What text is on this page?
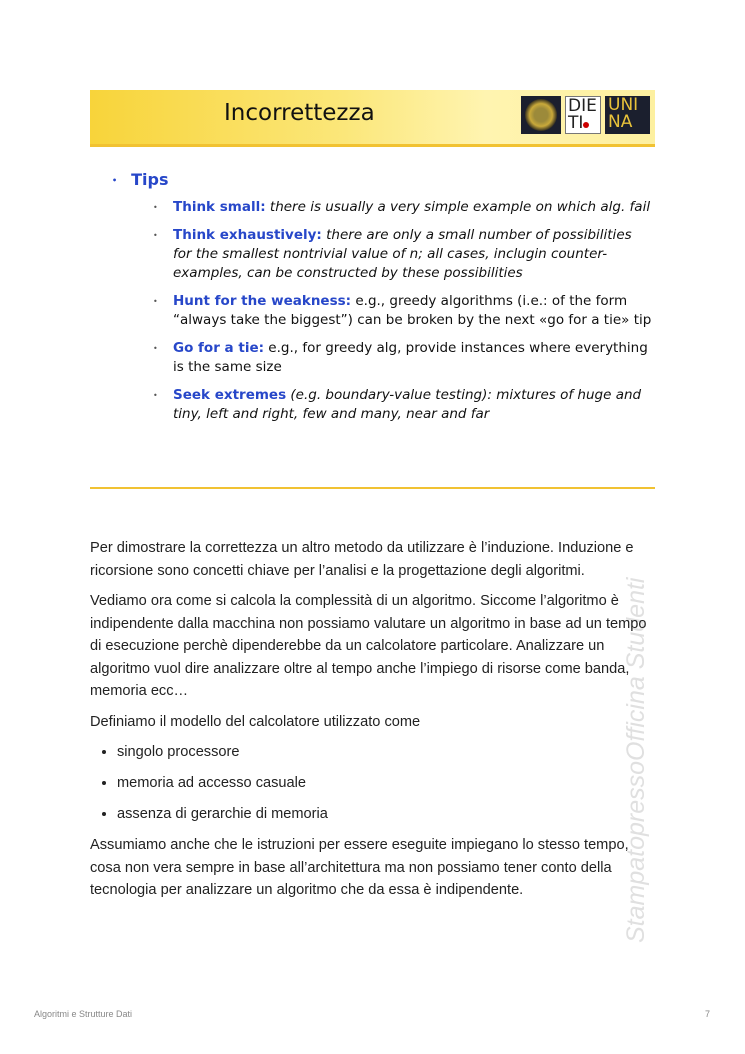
Incorrettezza	DIE
TI
UNI
NA
• Tips
• Think small: there is usually a very simple example on which alg. fail
• Think exhaustively: there are only a small number of possibilities for the smallest nontrivial value of n; all cases, inclugin counter-examples, can be constructed by these possibilities
• Hunt for the weakness: e.g., greedy algorithms (i.e.: of the form “always take the biggest”) can be broken by the next «go for a tie» tip
• Go for a tie: e.g., for greedy alg, provide instances where everything is the same size
• Seek extremes (e.g. boundary-value testing): mixtures of huge and tiny, left and right, few and many, near and far
StampatopressoOfficina Studenti

Per dimostrare la correttezza un altro metodo da utilizzare è l’induzione. Induzione e ricorsione sono concetti chiave per l’analisi e la progettazione degli algoritmi.

Vediamo ora come si calcola la complessità di un algoritmo. Siccome l’algoritmo è indipendente dalla macchina non possiamo valutare un algoritmo in base ad un tempo di esecuzione perchè dipenderebbe da un calcolatore particolare. Analizzare un algoritmo vuol dire analizzare oltre al tempo anche l’impiego di risorse come banda, memoria ecc…

Definiamo il modello del calcolatore utilizzato come

• singolo processore
• memoria ad accesso casuale
• assenza di gerarchie di memoria

Assumiamo anche che le istruzioni per essere eseguite impiegano lo stesso tempo, cosa non vera sempre in base all’architettura ma non possiamo tener conto della tecnologia per analizzare un algoritmo che da essa è indipendente.

Algoritmi e Strutture Dati	7
